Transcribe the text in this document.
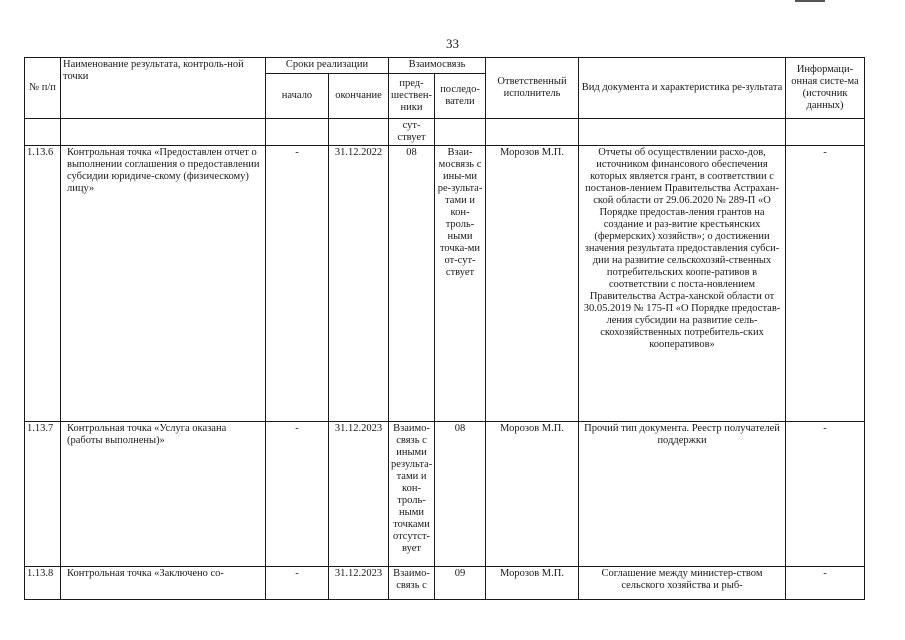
33
№ п/п	Наименование результата, контроль-ной точки	Сроки реализации		Взаимосвязь		Ответственный исполнитель	Вид документа и характеристика ре-зультата	Информаци-онная систе-ма (источник данных)
		начало	окончание	пред-шествен-ники	последо-ватели			
				сут-ствует				
1.13.6	Контрольная точка «Предоставлен отчет о выполнении соглашения о предоставлении субсидии юридиче-скому (физическому) лицу»	-	31.12.2022	08	Взаи-мосвязь с ины-ми ре-зульта-тами и кон-троль-ными точка-ми от-сут-ствует	Морозов М.П.	Отчеты об осуществлении расхо-дов, источником финансового обеспечения которых является грант, в соответствии с постанов-лением Правительства Астрахан-ской области от 29.06.2020 № 289-П «О Порядке предостав-ления грантов на создание и раз-витие крестьянских (фермерских) хозяйств»; о достижении значения результата предоставления субси-дии на развитие сельскохозяй-ственных потребительских коопе-ративов в соответствии с поста-новлением Правительства Астра-ханской области от 30.05.2019 № 175-П «О Порядке предостав-ления субсидии на развитие сель-скохозяйственных потребитель-ских кооперативов»	-
1.13.7	Контрольная точка «Услуга оказана (работы выполнены)»	-	31.12.2023	Взаимо-связь с иными результа-тами и кон-троль-ными точками отсутст-вует	08	Морозов М.П.	Прочий тип документа. Реестр получателей поддержки	-
1.13.8	Контрольная точка «Заключено со-	-	31.12.2023	Взаимо-связь с	09	Морозов М.П.	Соглашение между министер-ством сельского хозяйства и рыб-	-
